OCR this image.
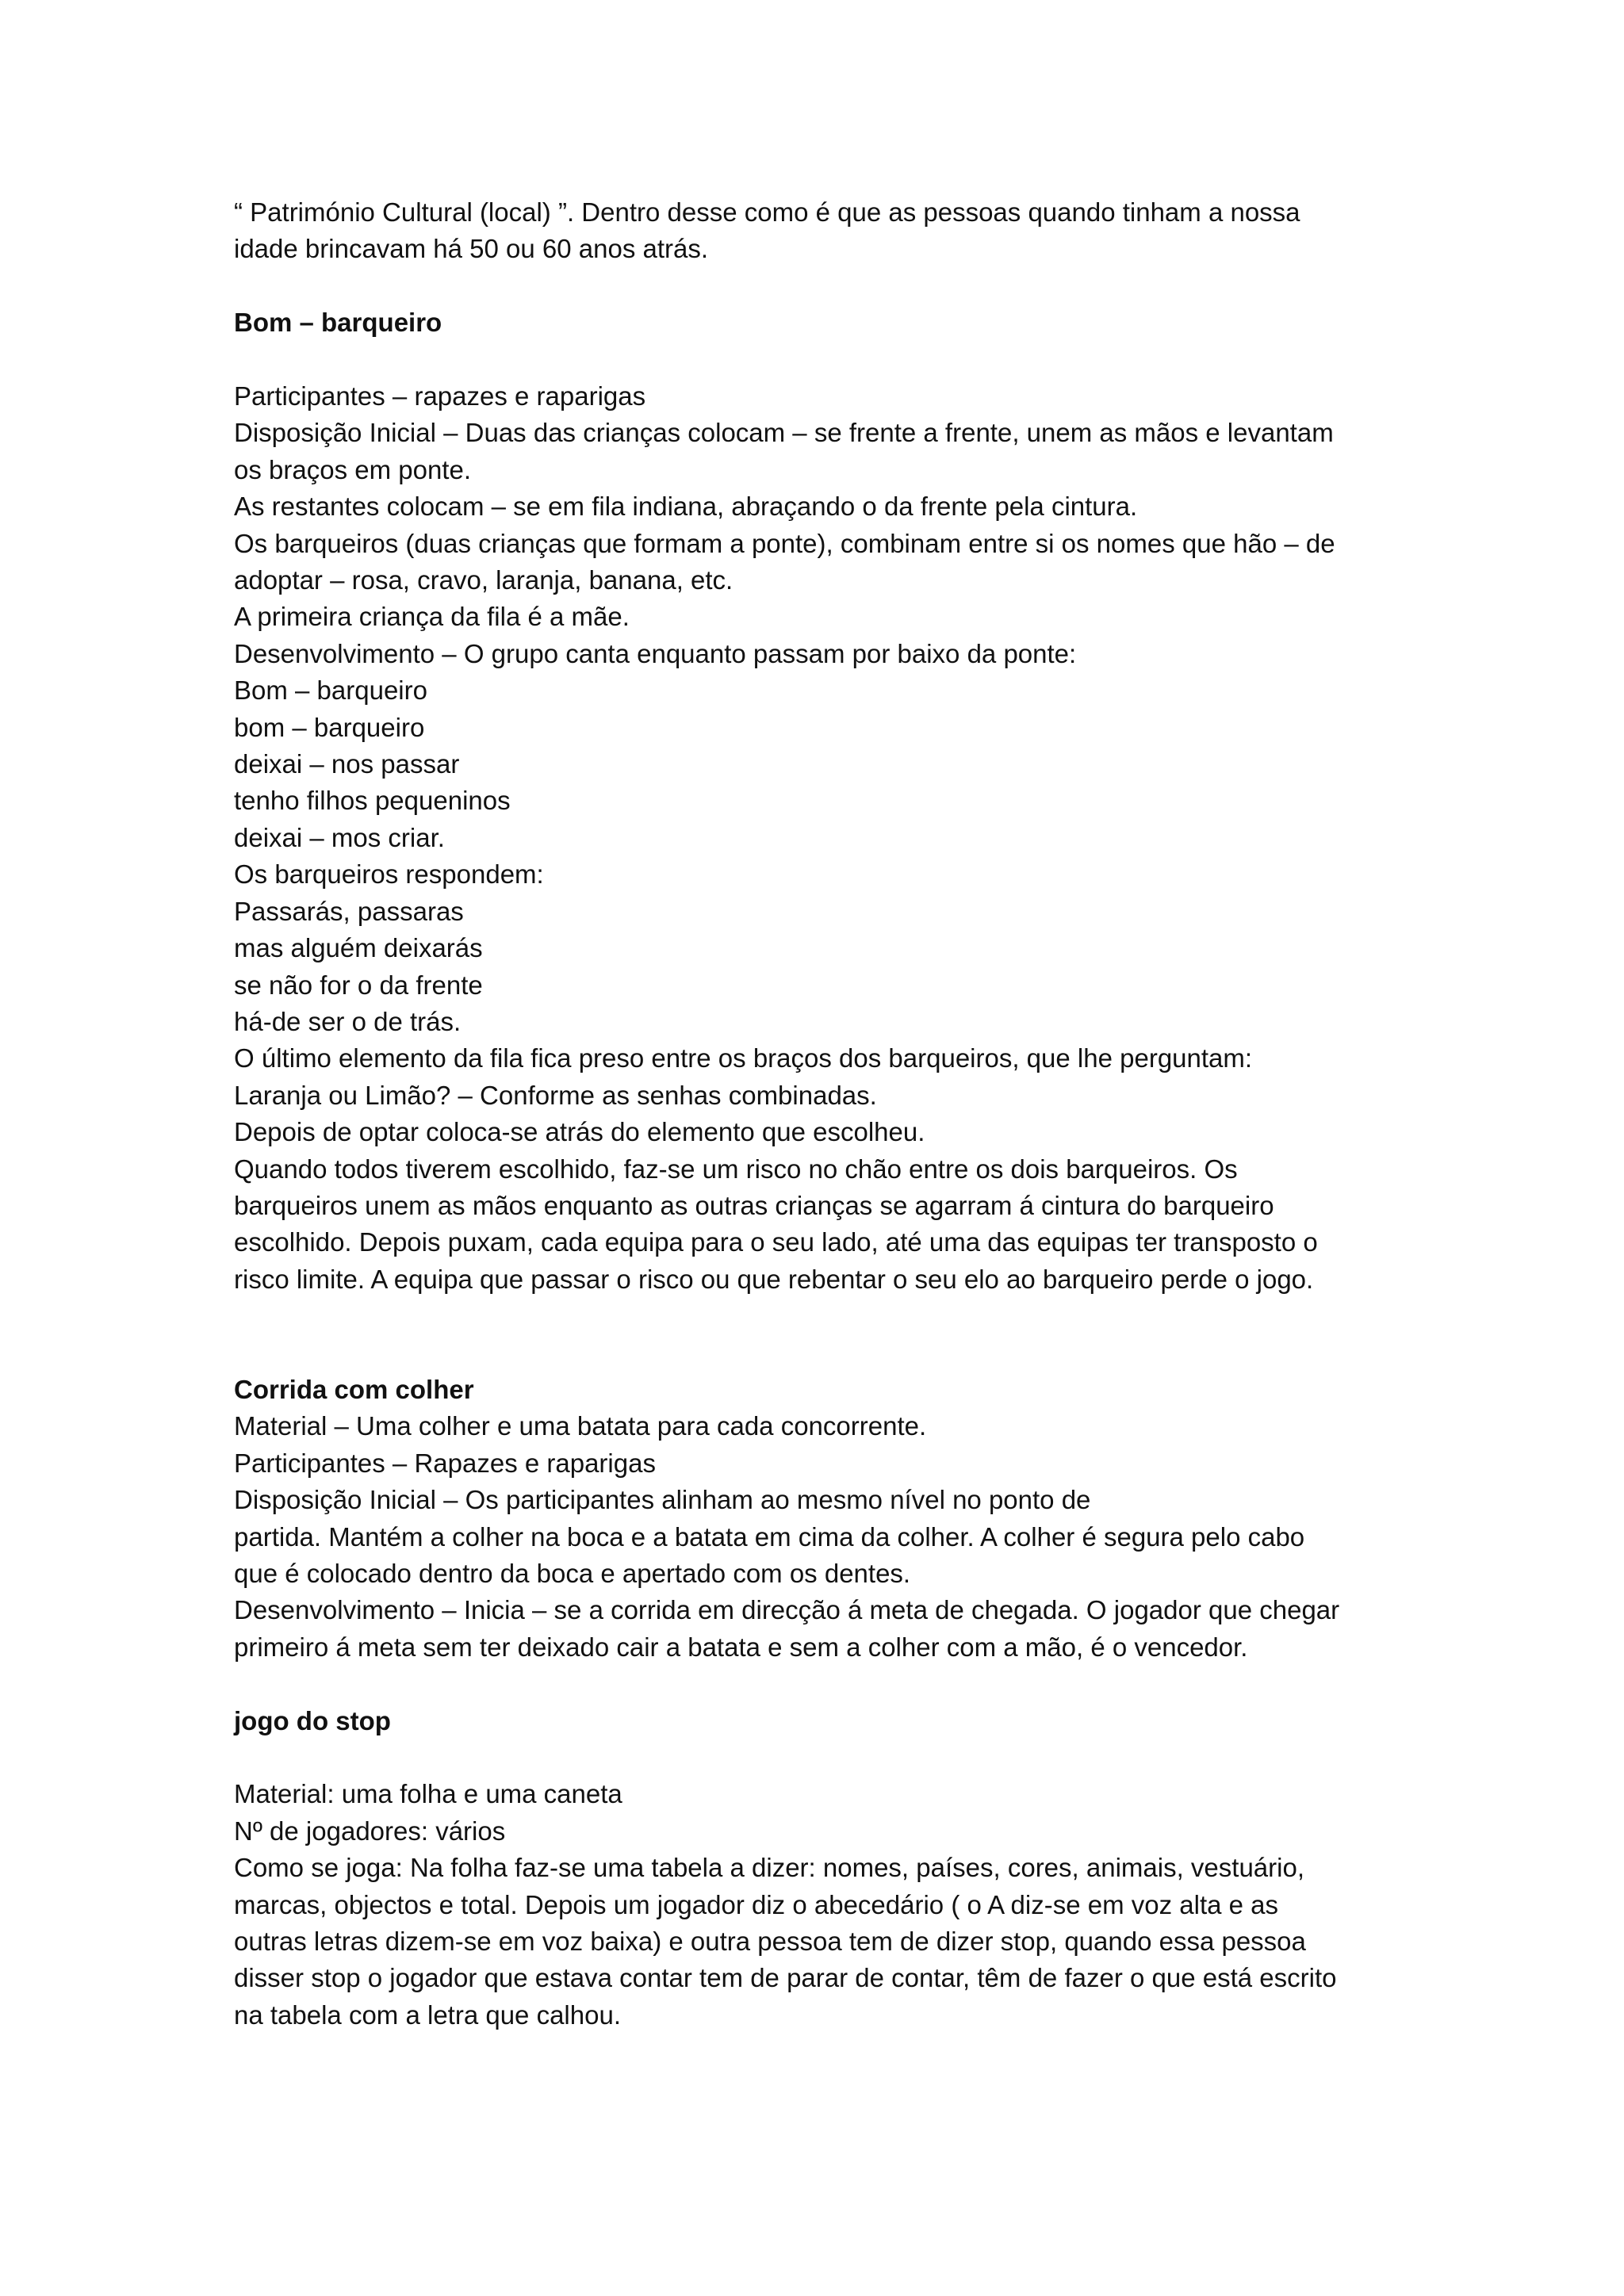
“ Património Cultural (local) ”. Dentro desse como é que as pessoas quando tinham a nossa

idade brincavam há 50 ou 60 anos atrás.

Bom – barqueiro

Participantes – rapazes e raparigas

Disposição Inicial – Duas das crianças colocam – se frente a frente, unem as mãos e levantam

os braços em ponte.

As restantes colocam – se em fila indiana, abraçando o da frente pela cintura.

Os barqueiros (duas crianças que formam a ponte), combinam entre si os nomes que hão – de

adoptar – rosa, cravo, laranja, banana, etc.

A primeira criança da fila é a mãe.

Desenvolvimento – O grupo canta enquanto passam por baixo da ponte:

Bom – barqueiro

bom – barqueiro

deixai – nos passar

tenho filhos pequeninos

deixai – mos criar.

Os barqueiros respondem:

Passarás, passaras

mas alguém deixarás

se não for o da frente

há-de ser o de trás.

O último elemento da fila fica preso entre os braços dos barqueiros, que lhe perguntam:

Laranja ou Limão? – Conforme as senhas combinadas.

Depois de optar coloca-se atrás do elemento que escolheu.

Quando todos tiverem escolhido, faz-se um risco no chão entre os dois barqueiros. Os

barqueiros unem as mãos enquanto as outras crianças se agarram á cintura do barqueiro

escolhido. Depois puxam, cada equipa para o seu lado, até uma das equipas ter transposto o

risco limite. A equipa que passar o risco ou que rebentar o seu elo ao barqueiro perde o jogo.

Corrida com colher

Material – Uma colher e uma batata para cada concorrente.

Participantes – Rapazes e raparigas

Disposição Inicial – Os participantes alinham ao mesmo nível no ponto de

partida. Mantém a colher na boca e a batata em cima da colher. A colher é segura pelo cabo

que é colocado dentro da boca e apertado com os dentes.

Desenvolvimento – Inicia – se a corrida em direcção á meta de chegada. O jogador que chegar

primeiro á meta sem ter deixado cair a batata e sem a colher com a mão, é o vencedor.

jogo do stop

Material: uma folha e uma caneta

Nº de jogadores: vários

Como se joga: Na folha faz-se uma tabela a dizer: nomes, países, cores, animais, vestuário,

marcas, objectos e total. Depois um jogador diz o abecedário ( o A diz-se em voz alta e as

outras letras dizem-se em voz baixa) e outra pessoa tem de dizer stop, quando essa pessoa

disser stop o jogador que estava contar tem de parar de contar, têm de fazer o que está escrito

na tabela com a letra que calhou.
